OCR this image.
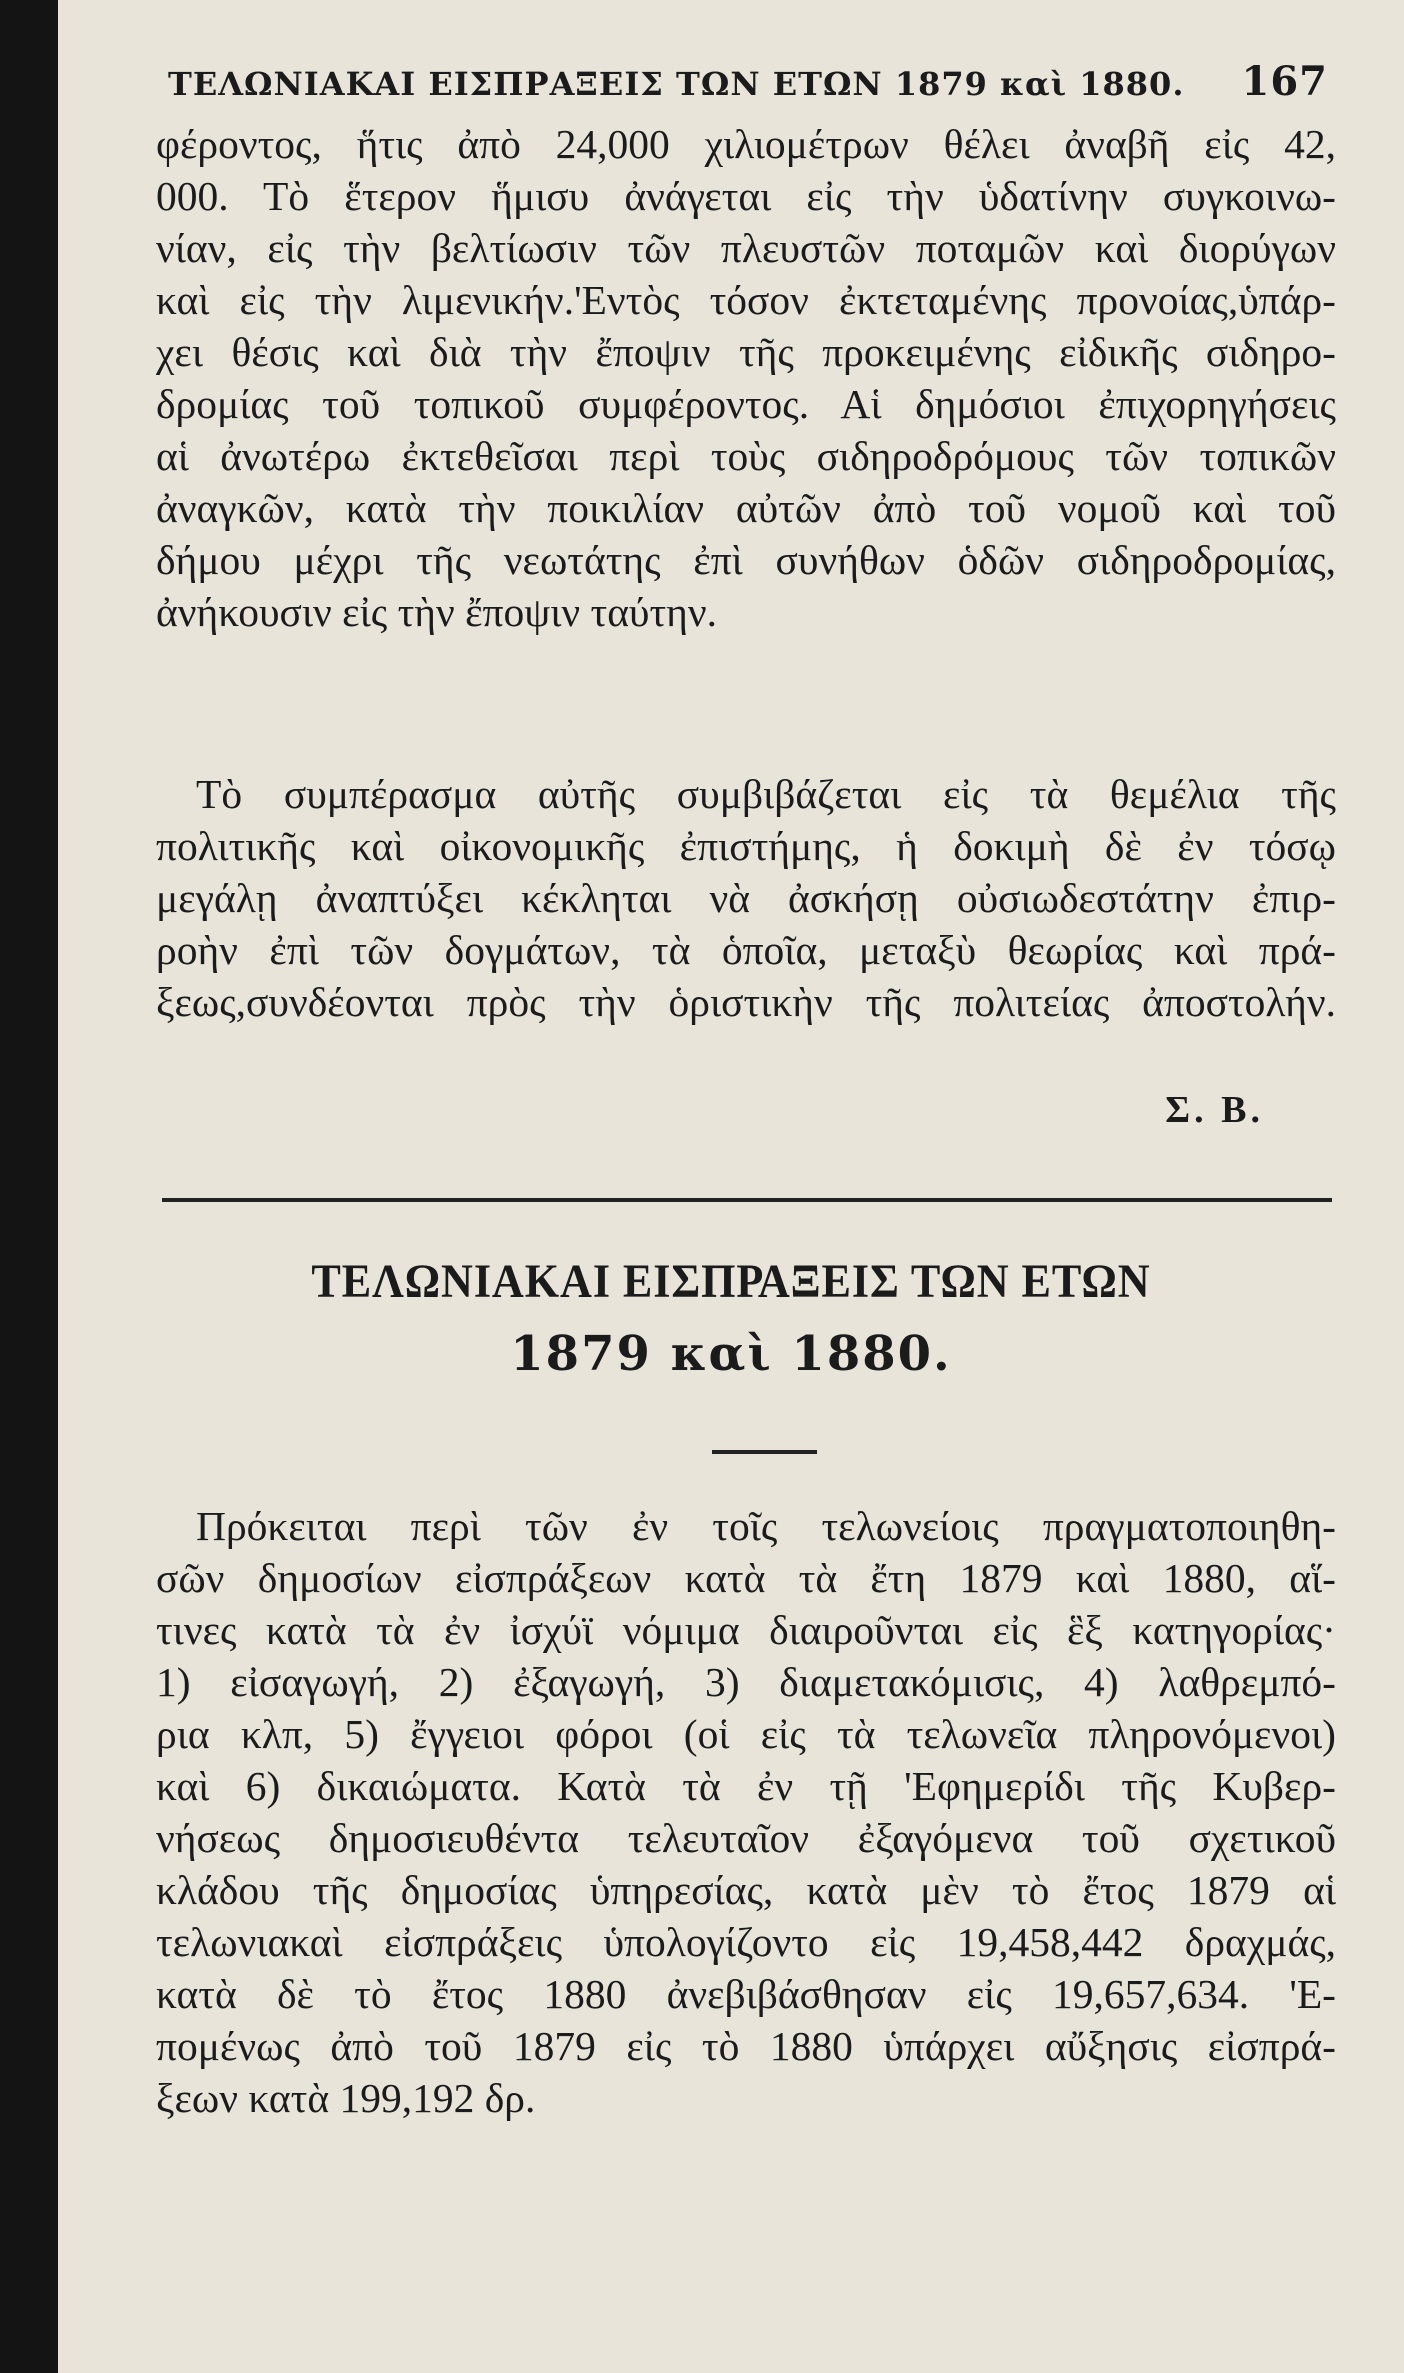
ΤΕΛΩΝΙΑΚΑΙ ΕΙΣΠΡΑΞΕΙΣ ΤΩΝ ΕΤΩΝ 1879 καὶ 1880. 167
φέροντος, ἥτις ἀπὸ 24,000 χιλιομέτρων θέλει ἀναβῆ εἰς 42,
000. Τὸ ἕτερον ἥμισυ ἀνάγεται εἰς τὴν ὑδατίνην συγκοινω-
νίαν, εἰς τὴν βελτίωσιν τῶν πλευστῶν ποταμῶν καὶ διορύγων
καὶ εἰς τὴν λιμενικήν.'Εντὸς τόσον ἐκτεταμένης προνοίας,ὑπάρ-
χει θέσις καὶ διὰ τὴν ἔποψιν τῆς προκειμένης εἰδικῆς σιδηρο-
δρομίας τοῦ τοπικοῦ συμφέροντος. Αἱ δημόσιοι ἐπιχορηγήσεις
αἱ ἀνωτέρω ἐκτεθεῖσαι περὶ τοὺς σιδηροδρόμους τῶν τοπικῶν
ἀναγκῶν, κατὰ τὴν ποικιλίαν αὐτῶν ἀπὸ τοῦ νομοῦ καὶ τοῦ
δήμου μέχρι τῆς νεωτάτης ἐπὶ συνήθων ὁδῶν σιδηροδρομίας,
ἀνήκουσιν εἰς τὴν ἔποψιν ταύτην.
Τὸ συμπέρασμα αὐτῆς συμβιβάζεται εἰς τὰ θεμέλια τῆς
πολιτικῆς καὶ οἰκονομικῆς ἐπιστήμης, ἡ δοκιμὴ δὲ ἐν τόσῳ
μεγάλῃ ἀναπτύξει κέκληται νὰ ἀσκήσῃ οὐσιωδεστάτην ἐπιρ-
ροὴν ἐπὶ τῶν δογμάτων, τὰ ὁποῖα, μεταξὺ θεωρίας καὶ πρά-
ξεως,συνδέονται πρὸς τὴν ὁριστικὴν τῆς πολιτείας ἀποστολήν.
Σ. Β.
ΤΕΛΩΝΙΑΚΑΙ ΕΙΣΠΡΑΞΕΙΣ ΤΩΝ ΕΤΩΝ
1879 καὶ 1880.
Πρόκειται περὶ τῶν ἐν τοῖς τελωνείοις πραγματοποιηθη-
σῶν δημοσίων εἰσπράξεων κατὰ τὰ ἔτη 1879 καὶ 1880, αἵ-
τινες κατὰ τὰ ἐν ἰσχύϊ νόμιμα διαιροῦνται εἰς ἓξ κατηγορίας·
1) εἰσαγωγή, 2) ἐξαγωγή, 3) διαμετακόμισις, 4) λαθρεμπό-
ρια κλπ, 5) ἔγγειοι φόροι (οἱ εἰς τὰ τελωνεῖα πληρονόμενοι)
καὶ 6) δικαιώματα. Κατὰ τὰ ἐν τῇ 'Εφημερίδι τῆς Κυβερ-
νήσεως δημοσιευθέντα τελευταῖον ἐξαγόμενα τοῦ σχετικοῦ
κλάδου τῆς δημοσίας ὑπηρεσίας, κατὰ μὲν τὸ ἔτος 1879 αἱ
τελωνιακαὶ εἰσπράξεις ὑπολογίζοντο εἰς 19,458,442 δραχμάς,
κατὰ δὲ τὸ ἔτος 1880 ἀνεβιβάσθησαν εἰς 19,657,634. 'Ε-
πομένως ἀπὸ τοῦ 1879 εἰς τὸ 1880 ὑπάρχει αὔξησις εἰσπρά-
ξεων κατὰ 199,192 δρ.
